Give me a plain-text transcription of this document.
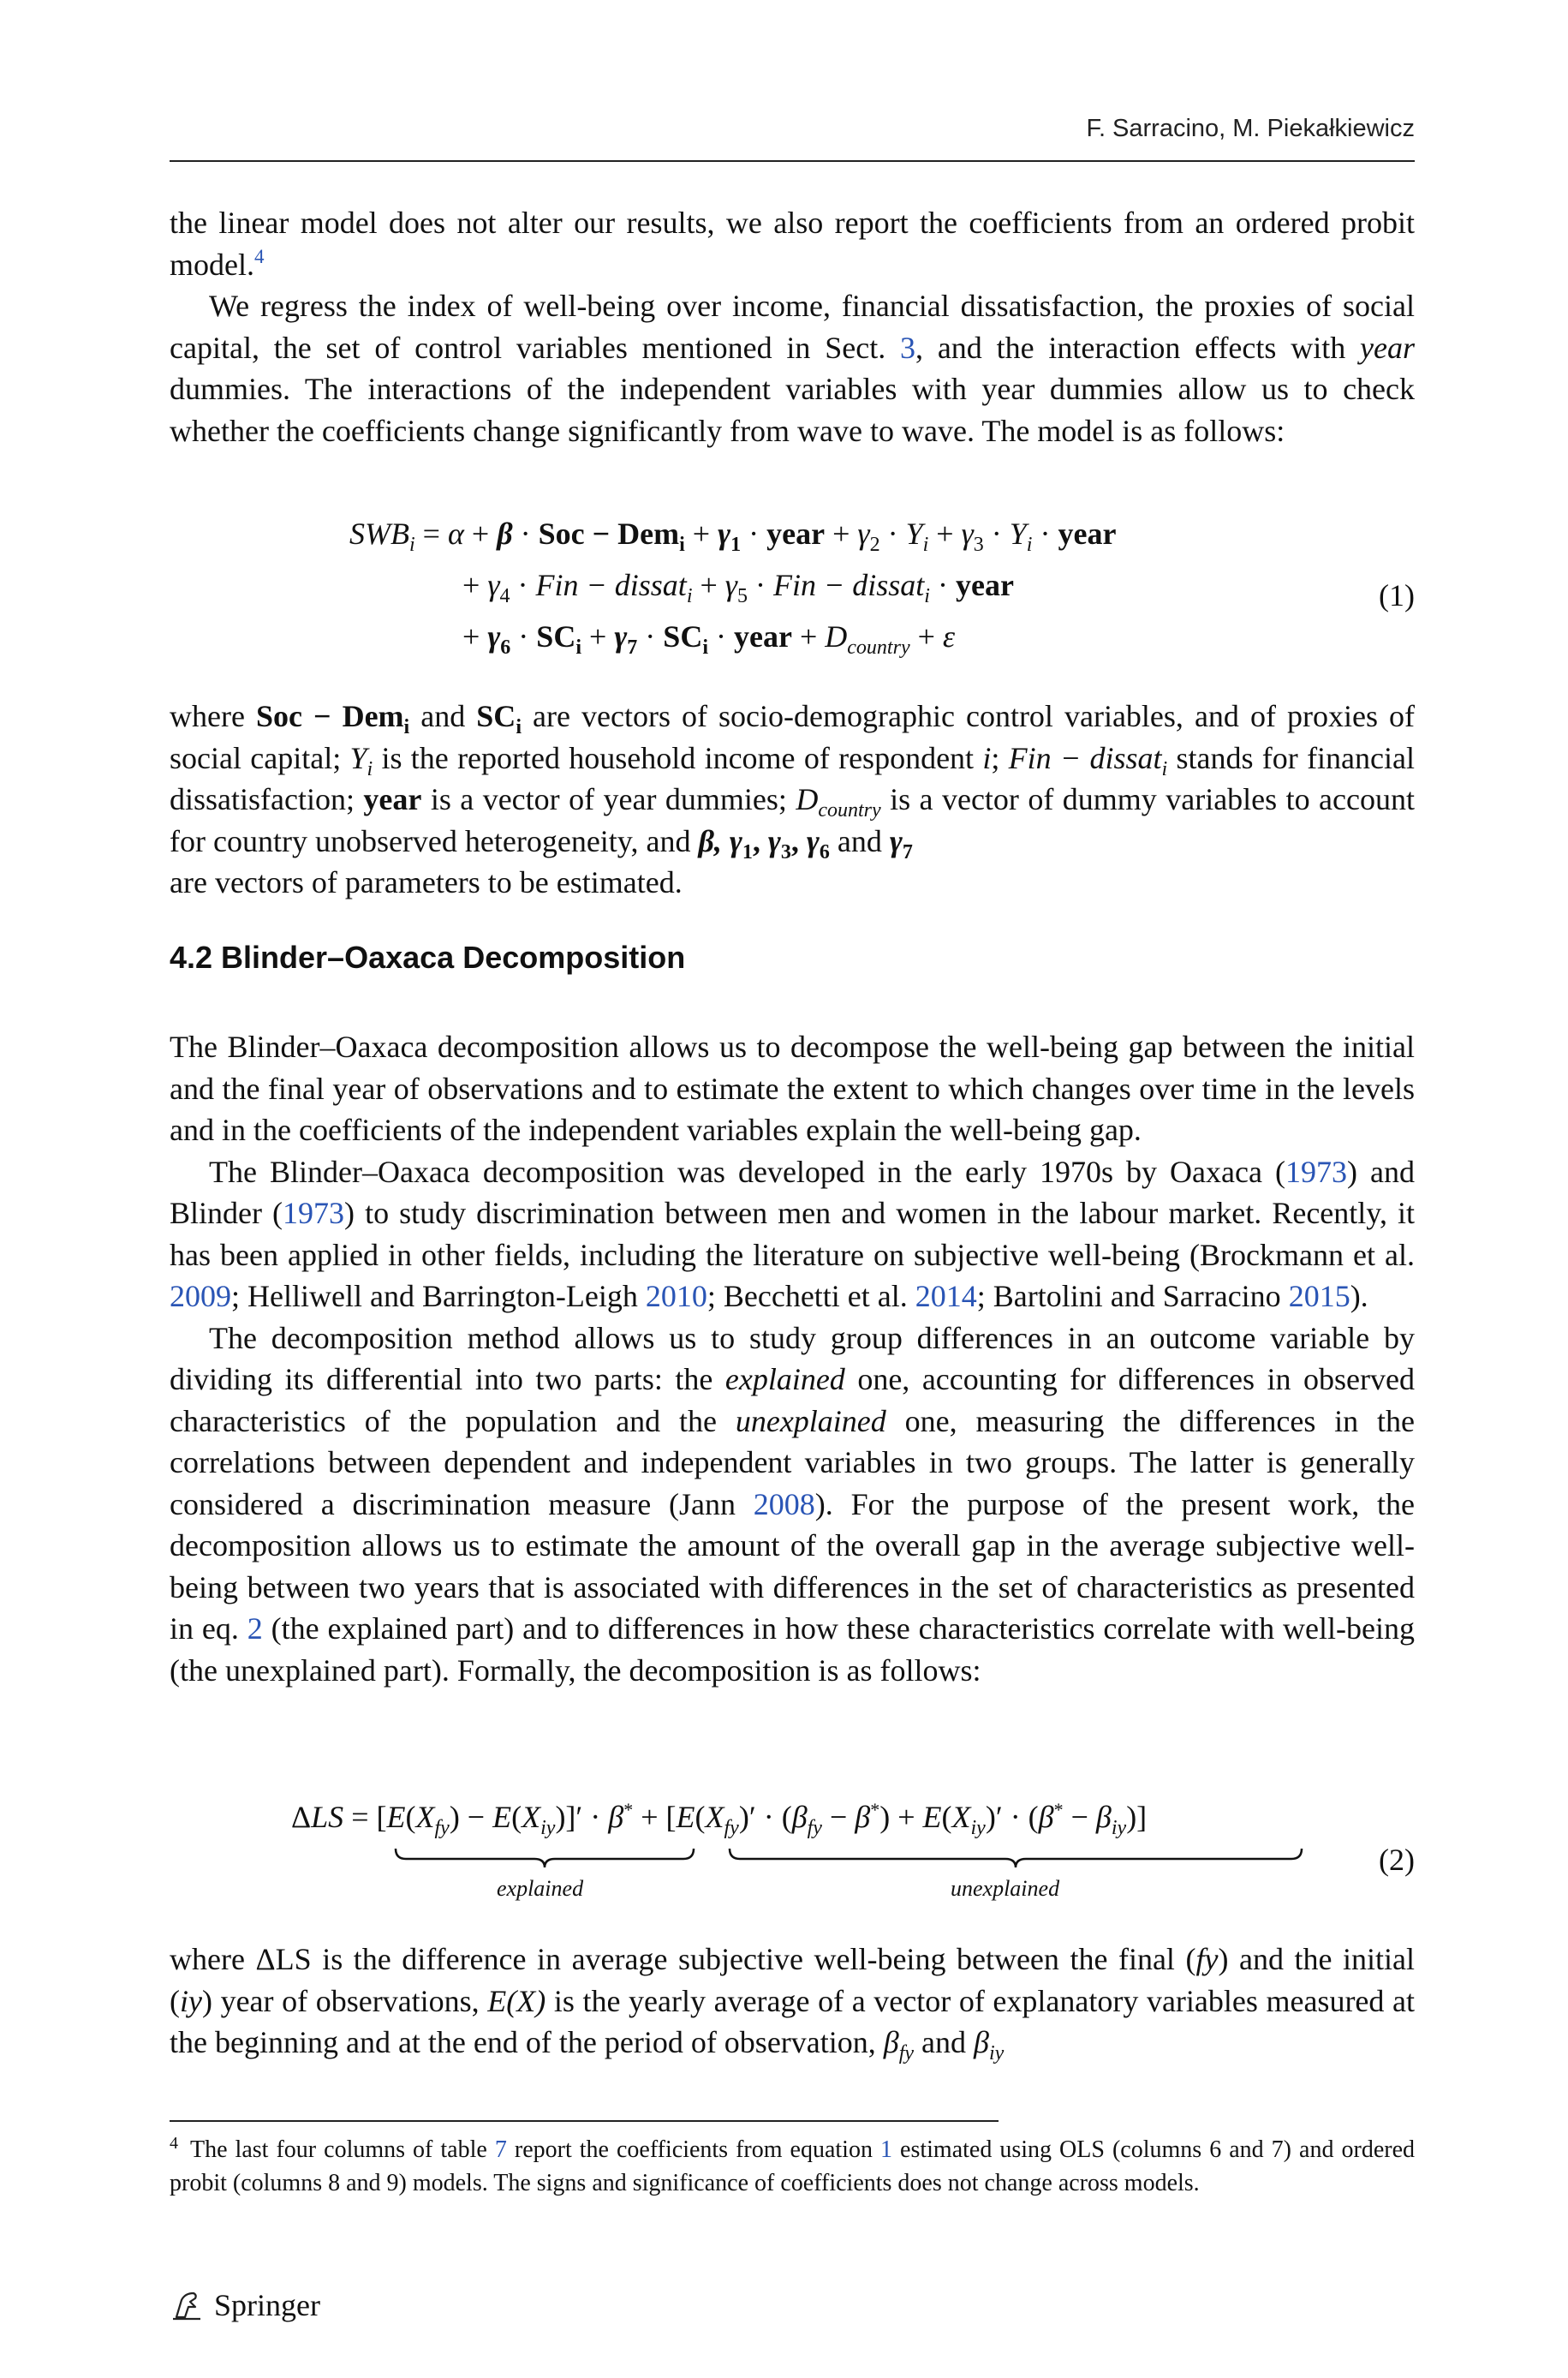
F. Sarracino, M. Piekałkiewicz

the linear model does not alter our results, we also report the coefficients from an ordered probit model.$^4$

We regress the index of well-being over income, financial dissatisfaction, the proxies of social capital, the set of control variables mentioned in Sect. 3, and the interaction effects with year dummies. The interactions of the independent variables with year dummies allow us to check whether the coefficients change significantly from wave to wave. The model is as follows:

$SWB_i = \alpha + \beta$ · Soc − $Dem_i + \gamma_1$ · year + $\gamma_2 \cdot Y_i + \gamma_3 \cdot Y_i$ · year
+ $\gamma_4$ · Fin − dissat$_i$ + $\gamma_5$ · Fin − dissat$_i$ · year
+ $\gamma_6 \cdot SC_i + \gamma_7 \cdot SC_i$ · year + $D_{country} + \varepsilon$
(1)

where Soc − Dem$_i$ and $SC_i$ are vectors of socio-demographic control variables, and of proxies of social capital; $Y_i$ is the reported household income of respondent i; Fin − dissat$_i$ stands for financial dissatisfaction; year is a vector of year dummies; $D_{country}$ is a vector of dummy variables to account for country unobserved heterogeneity, and β, $\gamma_1$, $\gamma_3$, $\gamma_6$ and $\gamma_7$
are vectors of parameters to be estimated.

4.2 Blinder–Oaxaca Decomposition

The Blinder–Oaxaca decomposition allows us to decompose the well-being gap between the initial and the final year of observations and to estimate the extent to which changes over time in the levels and in the coefficients of the independent variables explain the well-being gap.

The Blinder–Oaxaca decomposition was developed in the early 1970s by Oaxaca (1973) and Blinder (1973) to study discrimination between men and women in the labour market. Recently, it has been applied in other fields, including the literature on subjective well-being (Brockmann et al. 2009; Helliwell and Barrington-Leigh 2010; Becchetti et al. 2014; Bartolini and Sarracino 2015).

The decomposition method allows us to study group differences in an outcome variable by dividing its differential into two parts: the explained one, accounting for differences in observed characteristics of the population and the unexplained one, measuring the differences in the correlations between dependent and independent variables in two groups. The latter is generally considered a discrimination measure (Jann 2008). For the purpose of the present work, the decomposition allows us to estimate the amount of the overall gap in the average subjective well-being between two years that is associated with differences in the set of characteristics as presented in eq. 2 (the explained part) and to differences in how these characteristics correlate with well-being (the unexplained part). Formally, the decomposition is as follows:

$\Delta LS = [E(X_{fy}) - E(X_{iy})]' \cdot \beta^* + [E(X_{fy})' \cdot (\beta_{fy} - \beta^*) + E(X_{iy})' \cdot (\beta^* - \beta_{iy})]$
explained	unexplained
(2)

where ΔLS is the difference in average subjective well-being between the final (fy) and the initial (iy) year of observations, E(X) is the yearly average of a vector of explanatory variables measured at the beginning and at the end of the period of observation, $\beta_{fy}$ and $\beta_{iy}$

$^4$ The last four columns of table 7 report the coefficients from equation 1 estimated using OLS (columns 6 and 7) and ordered probit (columns 8 and 9) models. The signs and significance of coefficients does not change across models.
Springer
